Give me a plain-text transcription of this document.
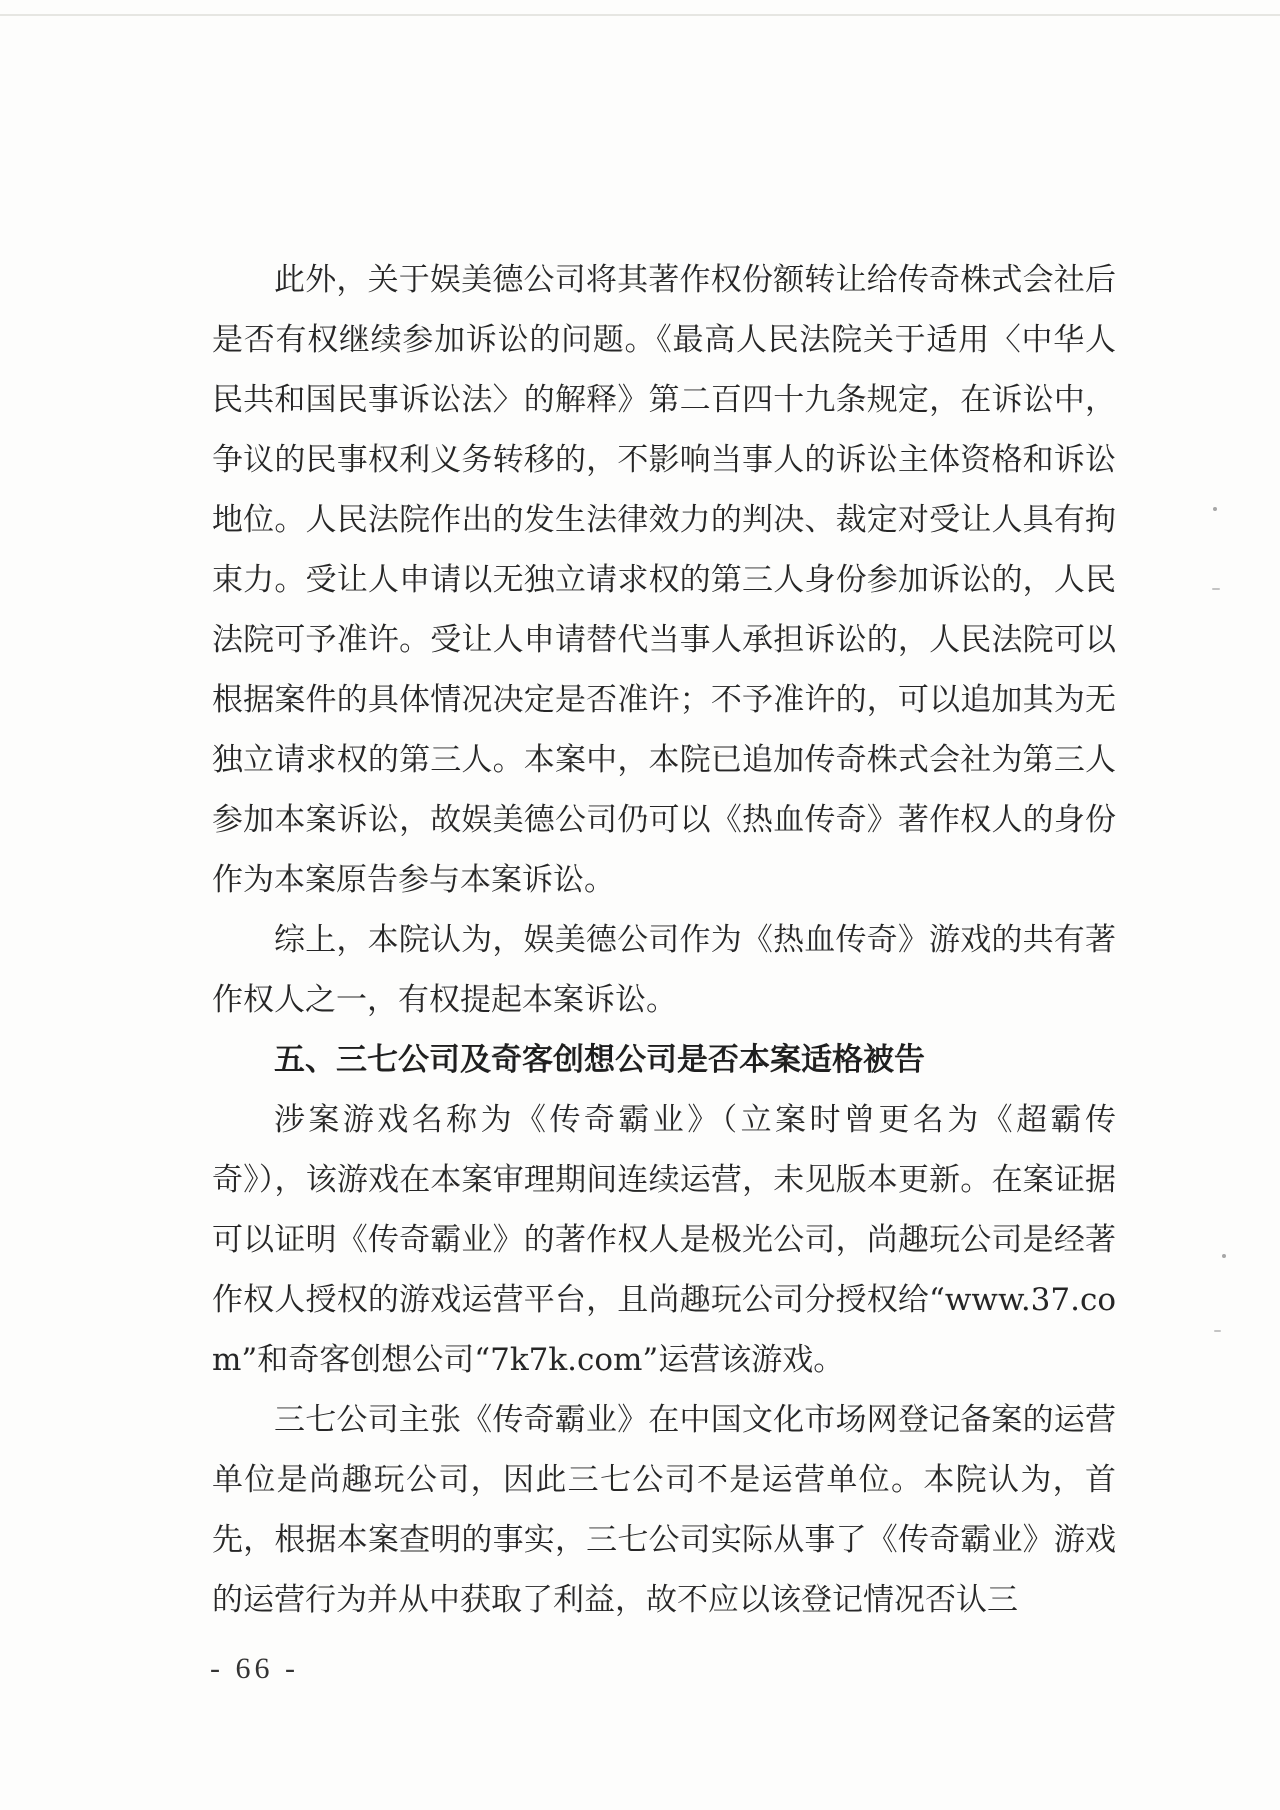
此外，关于娱美德公司将其著作权份额转让给传奇株式会社后是否有权继续参加诉讼的问题。《最高人民法院关于适用〈中华人民共和国民事诉讼法〉的解释》第二百四十九条规定，在诉讼中，争议的民事权利义务转移的，不影响当事人的诉讼主体资格和诉讼地位。人民法院作出的发生法律效力的判决、裁定对受让人具有拘束力。受让人申请以无独立请求权的第三人身份参加诉讼的，人民法院可予准许。受让人申请替代当事人承担诉讼的，人民法院可以根据案件的具体情况决定是否准许；不予准许的，可以追加其为无独立请求权的第三人。本案中，本院已追加传奇株式会社为第三人参加本案诉讼，故娱美德公司仍可以《热血传奇》著作权人的身份作为本案原告参与本案诉讼。

综上，本院认为，娱美德公司作为《热血传奇》游戏的共有著作权人之一，有权提起本案诉讼。

五、三七公司及奇客创想公司是否本案适格被告

涉案游戏名称为《传奇霸业》（立案时曾更名为《超霸传奇》），该游戏在本案审理期间连续运营，未见版本更新。在案证据可以证明《传奇霸业》的著作权人是极光公司，尚趣玩公司是经著作权人授权的游戏运营平台，且尚趣玩公司分授权给“www.37.com”和奇客创想公司“7k7k.com”运营该游戏。

三七公司主张《传奇霸业》在中国文化市场网登记备案的运营单位是尚趣玩公司，因此三七公司不是运营单位。本院认为，首先，根据本案查明的事实，三七公司实际从事了《传奇霸业》游戏的运营行为并从中获取了利益，故不应以该登记情况否认三

- 66 -
